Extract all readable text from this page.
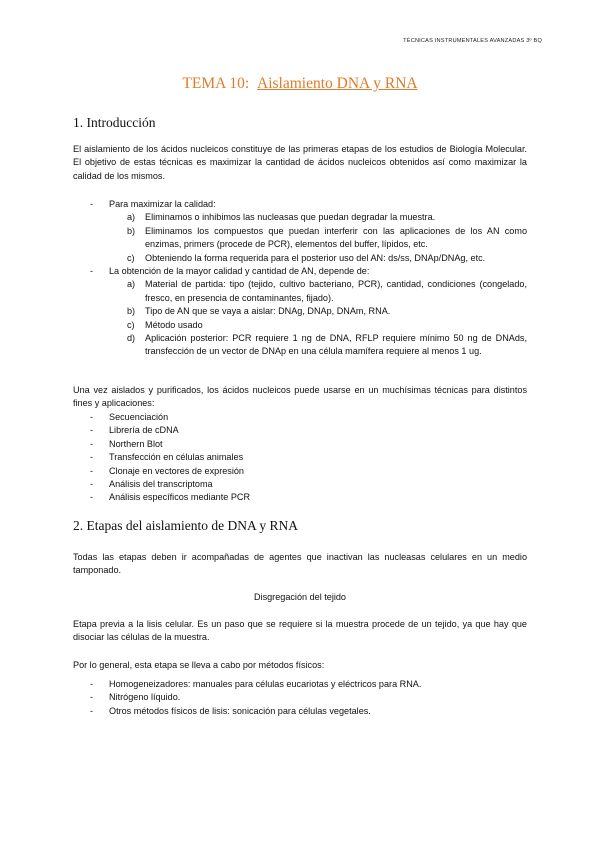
TÉCNICAS INSTRUMENTALES AVANZADAS 3º BQ
TEMA 10: Aislamiento DNA y RNA
1. Introducción
El aislamiento de los ácidos nucleicos constituye de las primeras etapas de los estudios de Biología Molecular. El objetivo de estas técnicas es maximizar la cantidad de ácidos nucleicos obtenidos así como maximizar la calidad de los mismos.
- Para maximizar la calidad:
a) Eliminamos o inhibimos las nucleasas que puedan degradar la muestra.
b) Eliminamos los compuestos que puedan interferir con las aplicaciones de los AN como enzimas, primers (procede de PCR), elementos del buffer, lípidos, etc.
c) Obteniendo la forma requerida para el posterior uso del AN: ds/ss, DNAp/DNAg, etc.
- La obtención de la mayor calidad y cantidad de AN, depende de:
a) Material de partida: tipo (tejido, cultivo bacteriano, PCR), cantidad, condiciones (congelado, fresco, en presencia de contaminantes, fijado).
b) Tipo de AN que se vaya a aislar: DNAg, DNAp, DNAm, RNA.
c) Método usado
d) Aplicación posterior: PCR requiere 1 ng de DNA, RFLP requiere mínimo 50 ng de DNAds, transfección de un vector de DNAp en una célula mamífera requiere al menos 1 ug.
Una vez aislados y purificados, los ácidos nucleicos puede usarse en un muchísimas técnicas para distintos fines y aplicaciones:
- Secuenciación
- Librería de cDNA
- Northern Blot
- Transfección en células animales
- Clonaje en vectores de expresión
- Análisis del transcriptoma
- Análisis específicos mediante PCR
2. Etapas del aislamiento de DNA y RNA
Todas las etapas deben ir acompañadas de agentes que inactivan las nucleasas celulares en un medio tamponado.
Disgregación del tejido
Etapa previa a la lisis celular. Es un paso que se requiere si la muestra procede de un tejido, ya que hay que disociar las células de la muestra.
Por lo general, esta etapa se lleva a cabo por métodos físicos:
- Homogeneizadores: manuales para células eucariotas y eléctricos para RNA.
- Nitrógeno líquido.
- Otros métodos físicos de lisis: sonicación para células vegetales.
